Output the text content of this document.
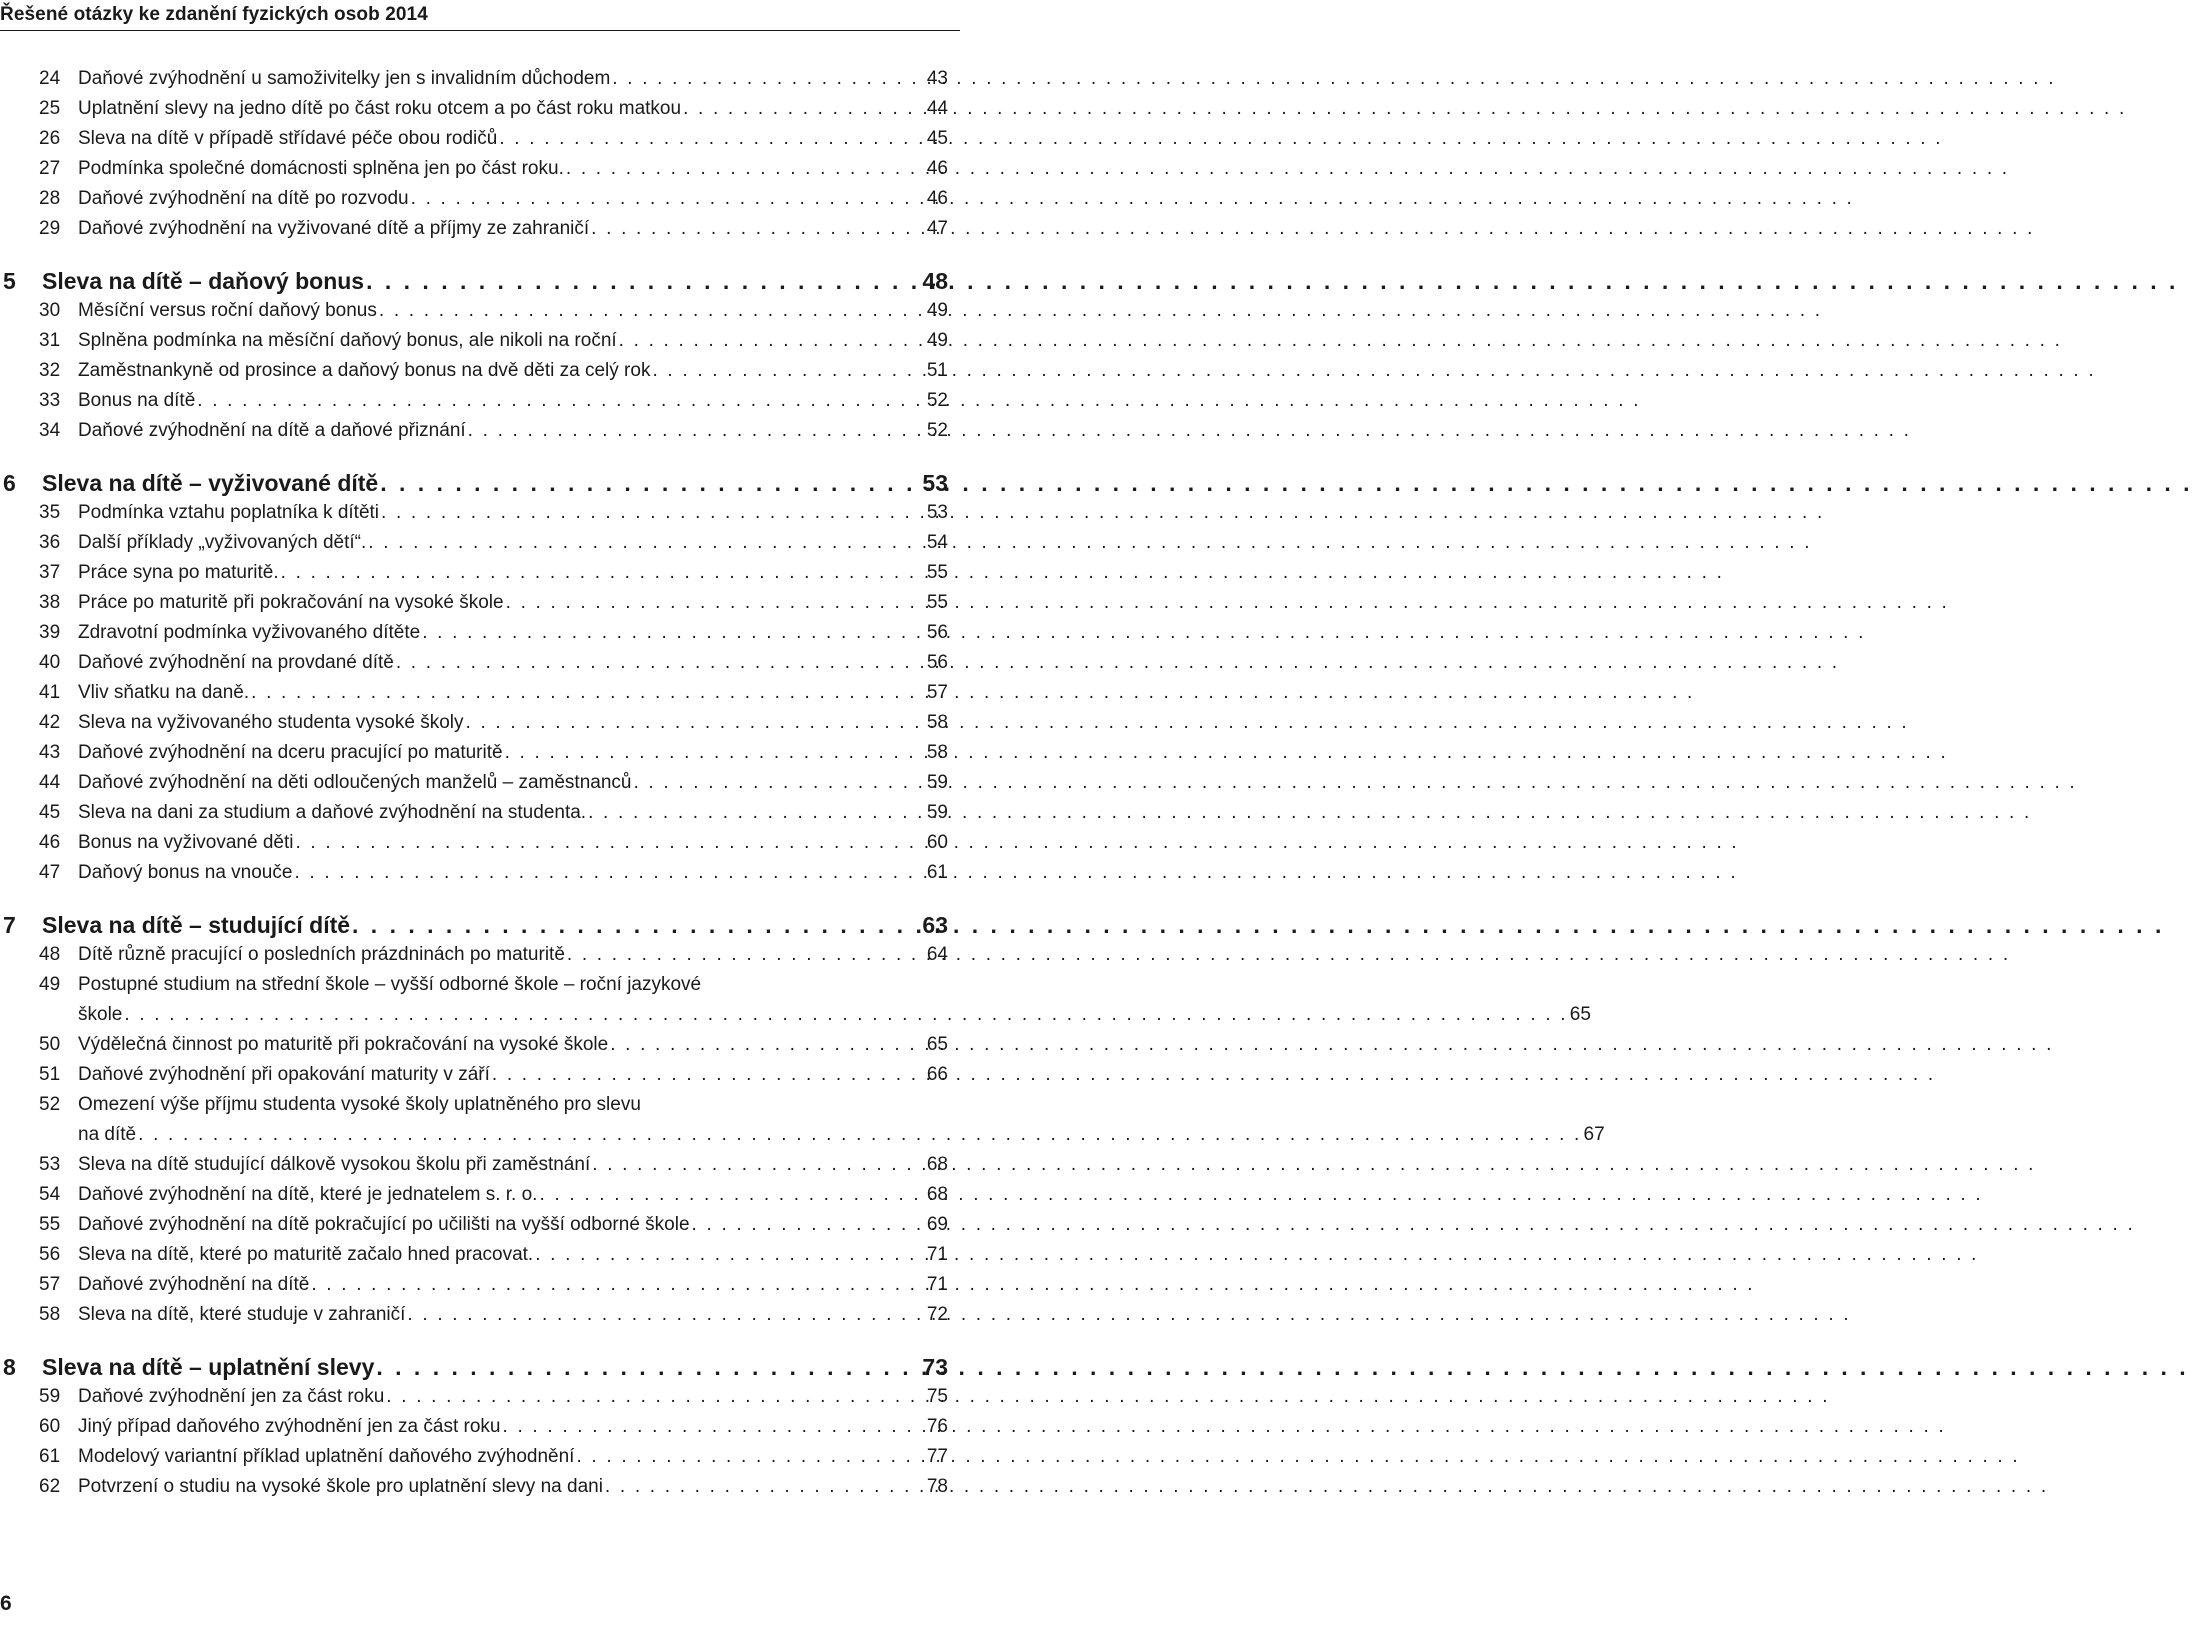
Řešené otázky ke zdanění fyzických osob 2014
24 Daňové zvýhodnění u samoživitelky jen s invalidním důchodem . . .	43
25 Uplatnění slevy na jedno dítě po část roku otcem a po část roku matkou . . .	44
26 Sleva na dítě v případě střídavé péče obou rodičů . . .	45
27 Podmínka společné domácnosti splněna jen po část roku. . . .	46
28 Daňové zvýhodnění na dítě po rozvodu . . .	46
29 Daňové zvýhodnění na vyživované dítě a příjmy ze zahraničí . . .	47
5	Sleva na dítě – daňový bonus . . .	48
30 Měsíční versus roční daňový bonus . . .	49
31 Splněna podmínka na měsíční daňový bonus, ale nikoli na roční . . .	49
32 Zaměstnankyně od prosince a daňový bonus na dvě děti za celý rok . . .	51
33 Bonus na dítě . . .	52
34 Daňové zvýhodnění na dítě a daňové přiznání . . .	52
6	Sleva na dítě – vyživované dítě . . .	53
35 Podmínka vztahu poplatníka k dítěti . . .	53
36 Další příklady „vyživovaných dětí“. . . .	54
37 Práce syna po maturitě. . . .	55
38 Práce po maturitě při pokračování na vysoké škole . . .	55
39 Zdravotní podmínka vyživovaného dítěte . . .	56
40 Daňové zvýhodnění na provdané dítě . . .	56
41 Vliv sňatku na daně. . . .	57
42 Sleva na vyživovaného studenta vysoké školy . . .	58
43 Daňové zvýhodnění na dceru pracující po maturitě . . .	58
44 Daňové zvýhodnění na děti odloučených manželů – zaměstnanců . . .	59
45 Sleva na dani za studium a daňové zvýhodnění na studenta. . . .	59
46 Bonus na vyživované děti . . .	60
47 Daňový bonus na vnouče . . .	61
7	Sleva na dítě – studující dítě . . .	63
48 Dítě různě pracující o posledních prázdninách po maturitě . . .	64
49 Postupné studium na střední škole – vyšší odborné škole – roční jazykové
škole . . .	65
50 Výdělečná činnost po maturitě při pokračování na vysoké škole . . .	65
51 Daňové zvýhodnění při opakování maturity v září . . .	66
52 Omezení výše příjmu studenta vysoké školy uplatněného pro slevu
na dítě . . .	67
53 Sleva na dítě studující dálkově vysokou školu při zaměstnání . . .	68
54 Daňové zvýhodnění na dítě, které je jednatelem s. r. o. . . .	68
55 Daňové zvýhodnění na dítě pokračující po učilišti na vyšší odborné škole . . .	69
56 Sleva na dítě, které po maturitě začalo hned pracovat. . . .	71
57 Daňové zvýhodnění na dítě . . .	71
58 Sleva na dítě, které studuje v zahraničí . . .	72
8	Sleva na dítě – uplatnění slevy . . .	73
59 Daňové zvýhodnění jen za část roku . . .	75
60 Jiný případ daňového zvýhodnění jen za část roku . . .	76
61 Modelový variantní příklad uplatnění daňového zvýhodnění . . .	77
62 Potvrzení o studiu na vysoké škole pro uplatnění slevy na dani . . .	78
6
